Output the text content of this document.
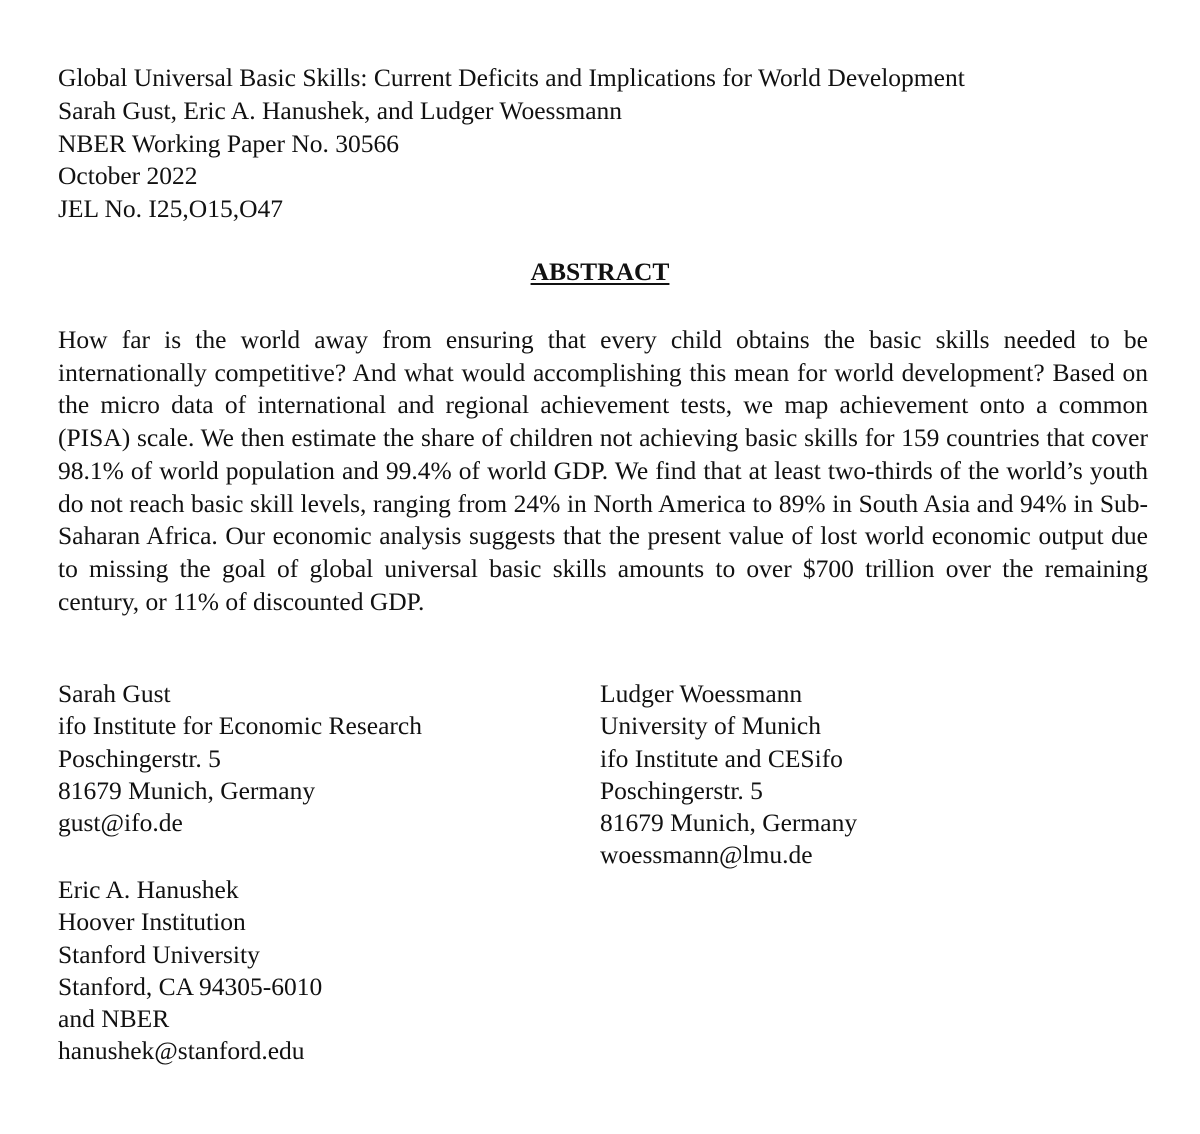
Global Universal Basic Skills: Current Deficits and Implications for World Development
Sarah Gust, Eric A. Hanushek, and Ludger Woessmann
NBER Working Paper No. 30566
October 2022
JEL No. I25,O15,O47
ABSTRACT
How far is the world away from ensuring that every child obtains the basic skills needed to be internationally competitive? And what would accomplishing this mean for world development? Based on the micro data of international and regional achievement tests, we map achievement onto a common (PISA) scale. We then estimate the share of children not achieving basic skills for 159 countries that cover 98.1% of world population and 99.4% of world GDP. We find that at least two-thirds of the world’s youth do not reach basic skill levels, ranging from 24% in North America to 89% in South Asia and 94% in Sub-Saharan Africa. Our economic analysis suggests that the present value of lost world economic output due to missing the goal of global universal basic skills amounts to over $700 trillion over the remaining century, or 11% of discounted GDP.
Sarah Gust
ifo Institute for Economic Research
Poschingerstr. 5
81679 Munich, Germany
gust@ifo.de
Eric A. Hanushek
Hoover Institution
Stanford University
Stanford, CA 94305-6010
and NBER
hanushek@stanford.edu
Ludger Woessmann
University of Munich
ifo Institute and CESifo
Poschingerstr. 5
81679 Munich, Germany
woessmann@lmu.de
